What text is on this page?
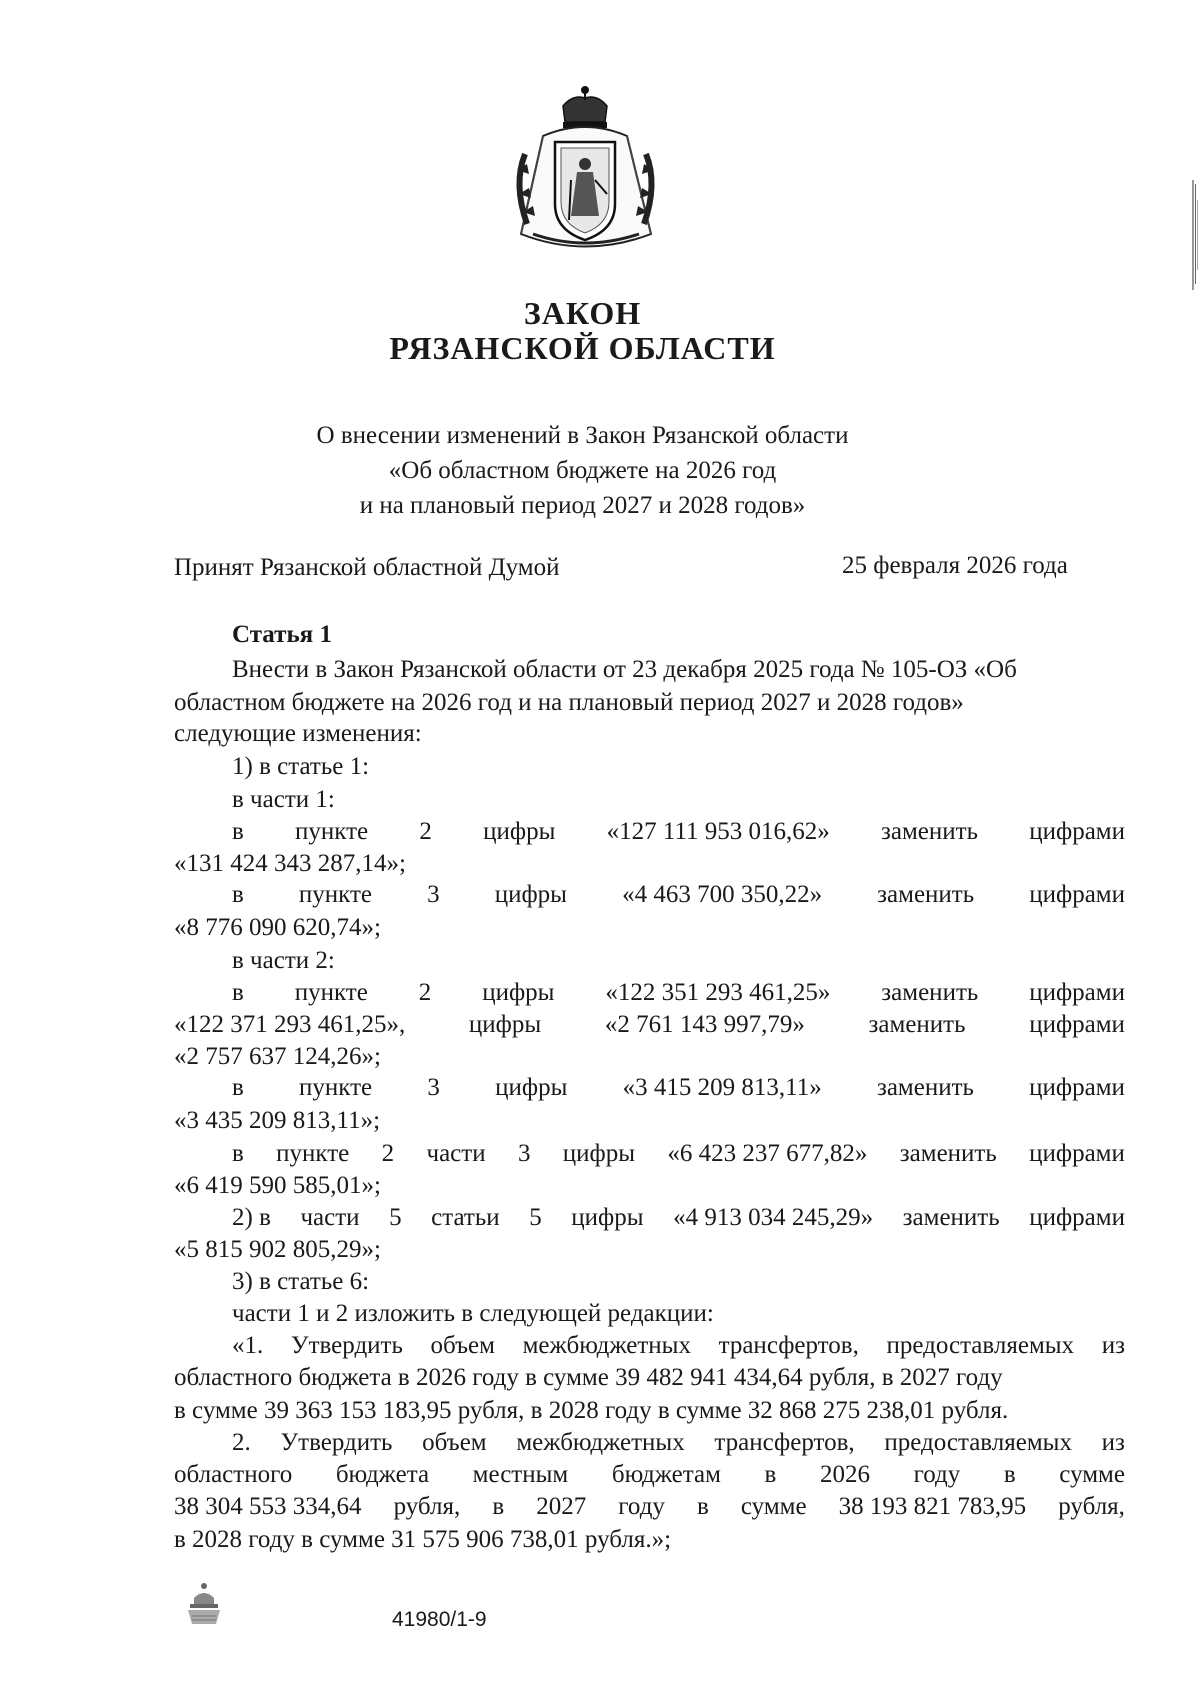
ЗАКОН
РЯЗАНСКОЙ ОБЛАСТИ
О внесении изменений в Закон Рязанской области
«Об областном бюджете на 2026 год
и на плановый период 2027 и 2028 годов»
Принят Рязанской областной Думой	25 февраля 2026 года
Статья 1
Внести в Закон Рязанской области от 23 декабря 2025 года № 105-ОЗ «Об
областном бюджете на 2026 год и на плановый период 2027 и 2028 годов»
следующие изменения:
1) в статье 1:
в части 1:
в пункте 2 цифры «127 111 953 016,62» заменить цифрами
«131 424 343 287,14»;
в пункте 3 цифры «4 463 700 350,22» заменить цифрами
«8 776 090 620,74»;
в части 2:
в пункте 2 цифры «122 351 293 461,25» заменить цифрами
«122 371 293 461,25»,	цифры	«2 761 143 997,79»	заменить	цифрами
«2 757 637 124,26»;
в пункте 3 цифры «3 415 209 813,11» заменить цифрами
«3 435 209 813,11»;
в пункте 2 части 3 цифры «6 423 237 677,82» заменить цифрами
«6 419 590 585,01»;
2) в части 5 статьи 5 цифры «4 913 034 245,29» заменить цифрами
«5 815 902 805,29»;
3) в статье 6:
части 1 и 2 изложить в следующей редакции:
«1. Утвердить объем межбюджетных трансфертов, предоставляемых из
областного бюджета в 2026 году в сумме 39 482 941 434,64 рубля, в 2027 году
в сумме 39 363 153 183,95 рубля, в 2028 году в сумме 32 868 275 238,01 рубля.
2. Утвердить объем межбюджетных трансфертов, предоставляемых из
областного бюджета местным бюджетам в 2026 году в сумме
38 304 553 334,64 рубля, в 2027 году в сумме 38 193 821 783,95 рубля,
в 2028 году в сумме 31 575 906 738,01 рубля.»;
41980/1-9
